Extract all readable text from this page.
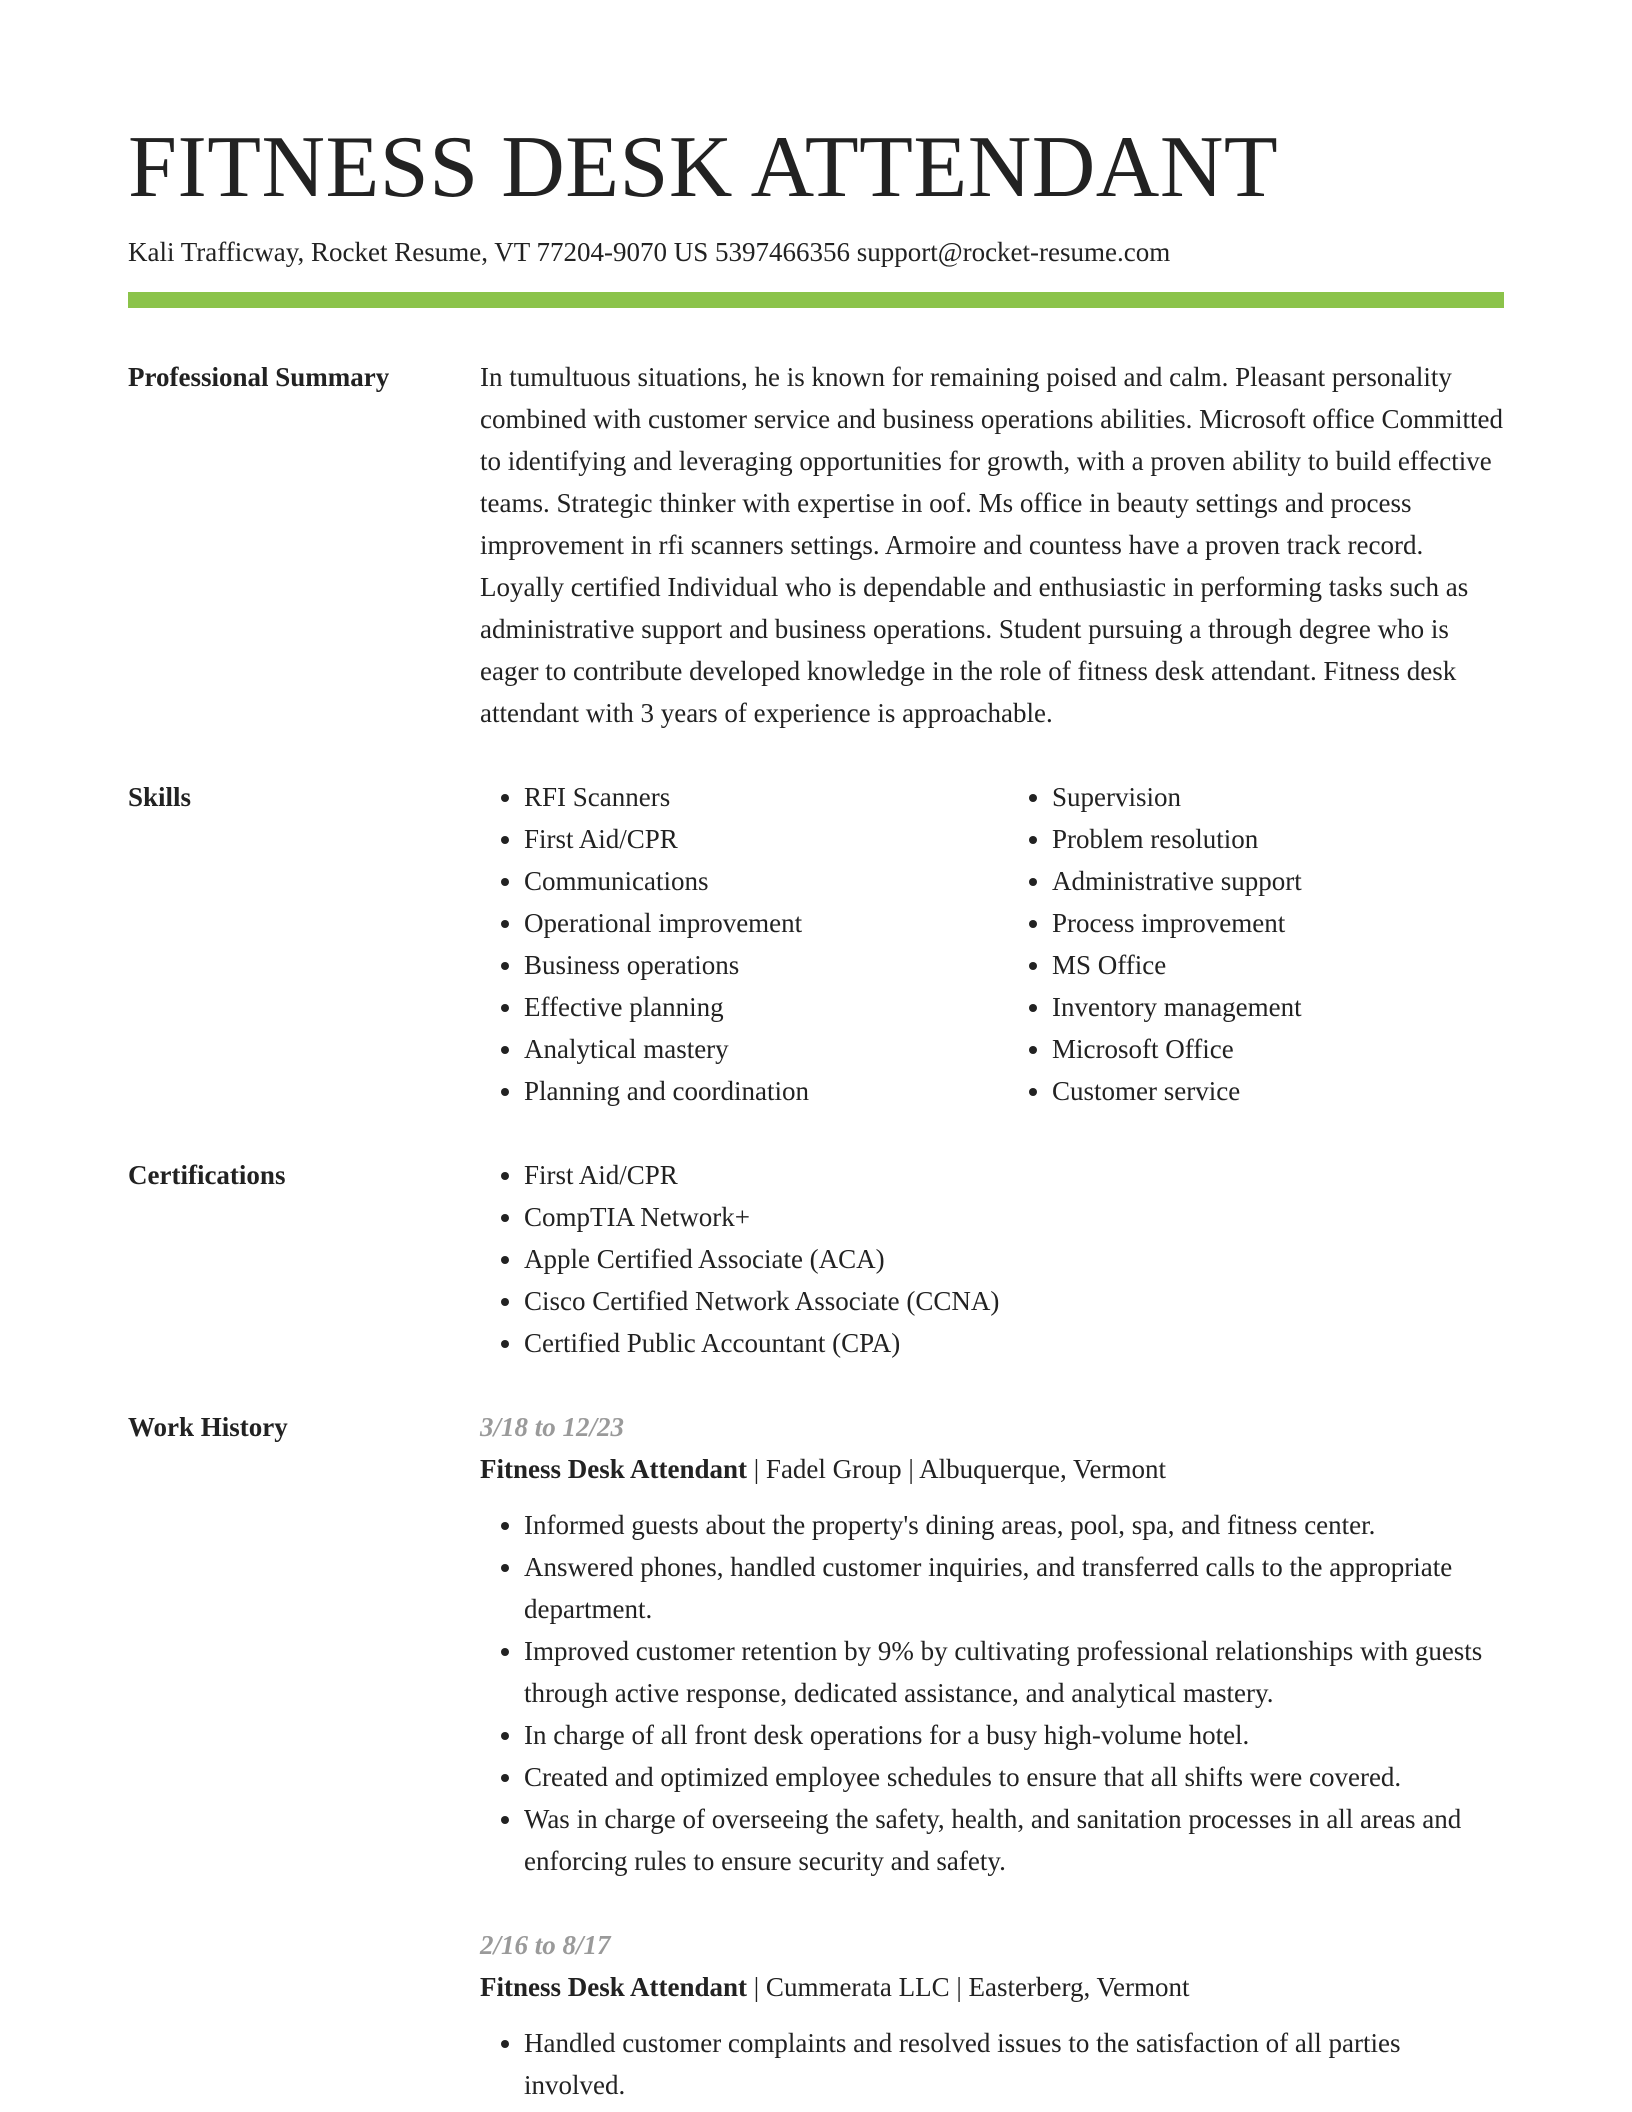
FITNESS DESK ATTENDANT
Kali Trafficway, Rocket Resume, VT 77204-9070 US 5397466356 support@rocket-resume.com
Professional Summary	In tumultuous situations, he is known for remaining poised and calm. Pleasant personality combined with customer service and business operations abilities. Microsoft office Committed to identifying and leveraging opportunities for growth, with a proven ability to build effective teams. Strategic thinker with expertise in oof. Ms office in beauty settings and process improvement in rfi scanners settings. Armoire and countess have a proven track record. Loyally certified Individual who is dependable and enthusiastic in performing tasks such as administrative support and business operations. Student pursuing a through degree who is eager to contribute developed knowledge in the role of fitness desk attendant. Fitness desk attendant with 3 years of experience is approachable.

Skills	• RFI Scanners
• First Aid/CPR
• Communications
• Operational improvement
• Business operations
• Effective planning
• Analytical mastery
• Planning and coordination
• Supervision
• Problem resolution
• Administrative support
• Process improvement
• MS Office
• Inventory management
• Microsoft Office
• Customer service
Certifications	• First Aid/CPR
• CompTIA Network+
• Apple Certified Associate (ACA)
• Cisco Certified Network Associate (CCNA)
• Certified Public Accountant (CPA)
Work History	3/18 to 12/23
Fitness Desk Attendant | Fadel Group | Albuquerque, Vermont
• Informed guests about the property's dining areas, pool, spa, and fitness center.
• Answered phones, handled customer inquiries, and transferred calls to the appropriate department.
• Improved customer retention by 9% by cultivating professional relationships with guests through active response, dedicated assistance, and analytical mastery.
• In charge of all front desk operations for a busy high-volume hotel.
• Created and optimized employee schedules to ensure that all shifts were covered.
• Was in charge of overseeing the safety, health, and sanitation processes in all areas and enforcing rules to ensure security and safety.
2/16 to 8/17
Fitness Desk Attendant | Cummerata LLC | Easterberg, Vermont
• Handled customer complaints and resolved issues to the satisfaction of all parties involved.
